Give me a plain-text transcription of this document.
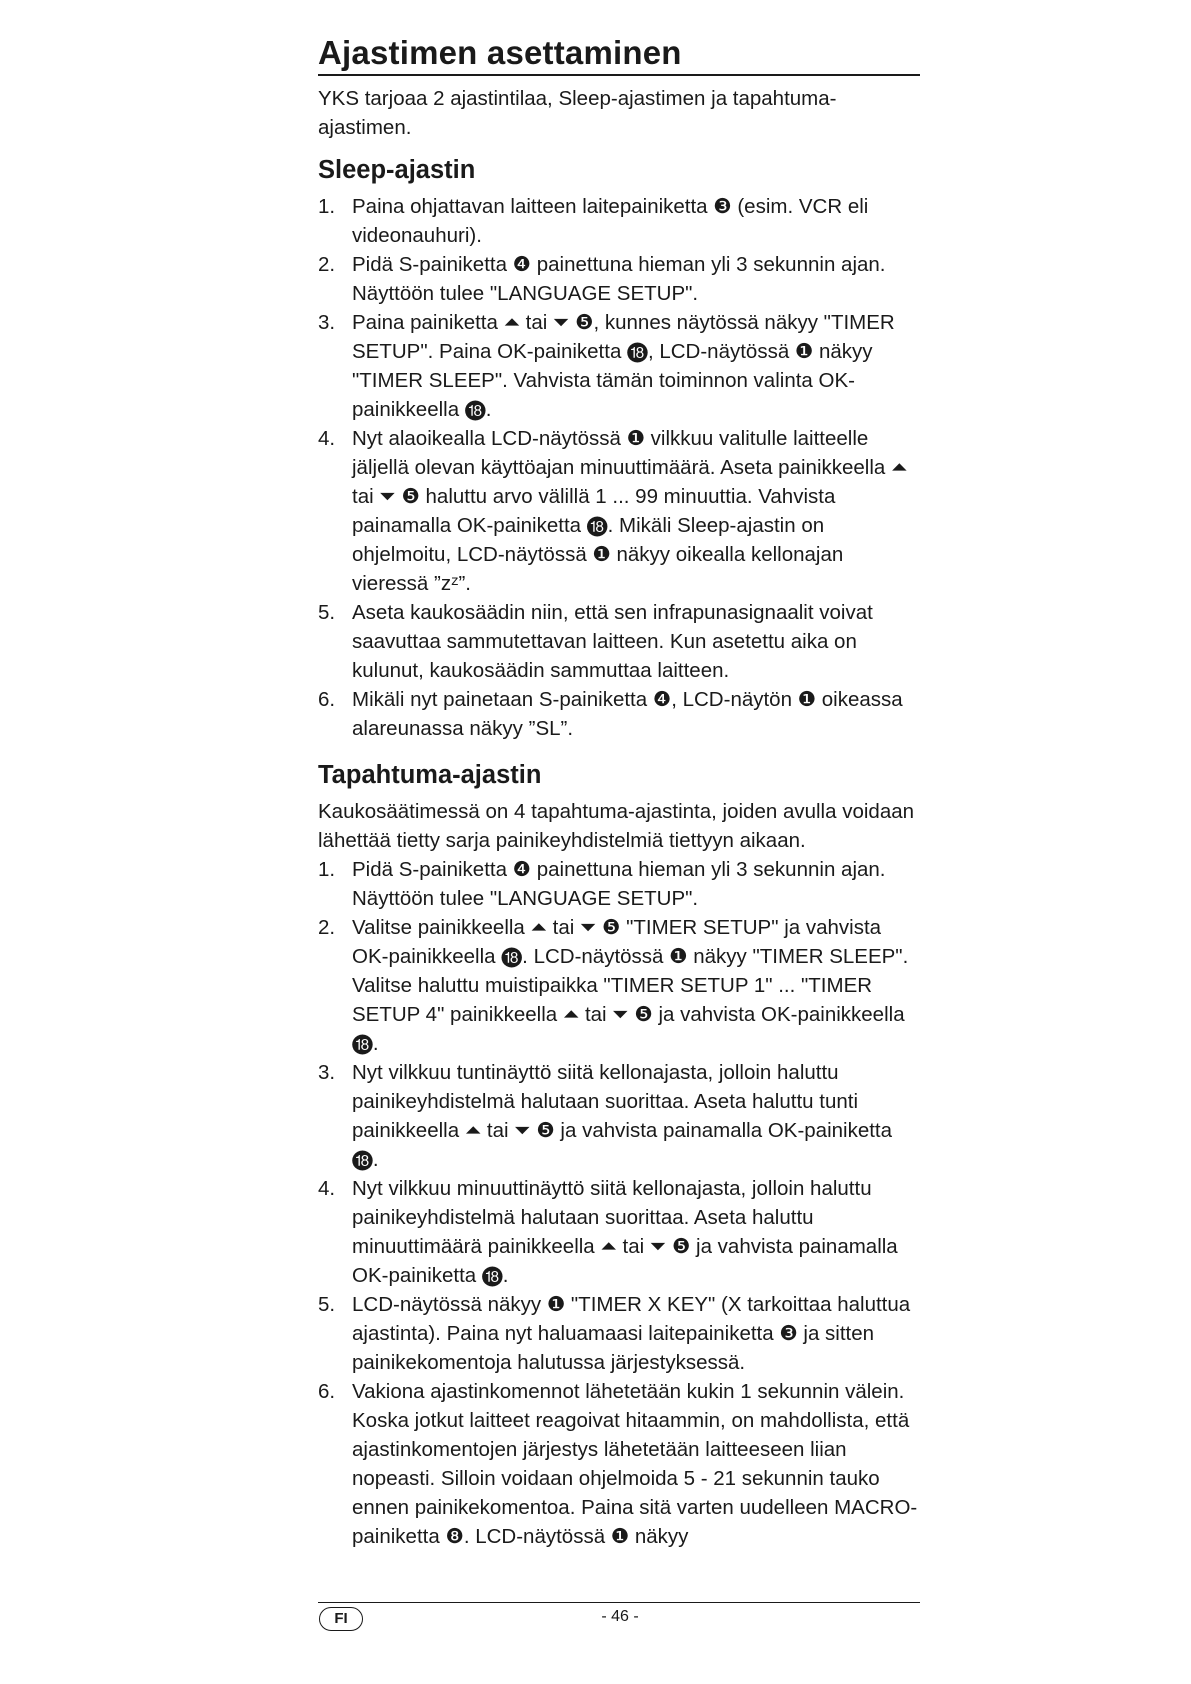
Ajastimen asettaminen

YKS tarjoaa 2 ajastintilaa, Sleep-ajastimen ja tapahtuma-ajastimen.

Sleep-ajastin
1. Paina ohjattavan laitteen laitepainiketta ❸ (esim. VCR eli videonauhuri).
2. Pidä S-painiketta ❹ painettuna hieman yli 3 sekunnin ajan. Näyttöön tulee "LANGUAGE SETUP".
3. Paina painiketta ⏶ tai ⏷ ❺, kunnes näytössä näkyy "TIMER SETUP". Paina OK-painiketta ⓲, LCD-näytössä ❶ näkyy "TIMER SLEEP". Vahvista tämän toiminnon valinta OK-painikkeella ⓲.
4. Nyt alaoikealla LCD-näytössä ❶ vilkkuu valitulle laitteelle jäljellä olevan käyttöajan minuuttimäärä. Aseta painikkeella ⏶ tai ⏷ ❺ haluttu arvo välillä 1 ... 99 minuuttia. Vahvista painamalla OK-painiketta ⓲. Mikäli Sleep-ajastin on ohjelmoitu, LCD-näytössä ❶ näkyy oikealla kellonajan vieressä ”zᶻ”.
5. Aseta kaukosäädin niin, että sen infrapunasignaalit voivat saavuttaa sammutettavan laitteen. Kun asetettu aika on kulunut, kaukosäädin sammuttaa laitteen.
6. Mikäli nyt painetaan S-painiketta ❹, LCD-näytön ❶ oikeassa alareunassa näkyy ”SL”.
Tapahtuma-ajastin

Kaukosäätimessä on 4 tapahtuma-ajastinta, joiden avulla voidaan lähettää tietty sarja painikeyhdistelmiä tiettyyn aikaan.

1. Pidä S-painiketta ❹ painettuna hieman yli 3 sekunnin ajan. Näyttöön tulee "LANGUAGE SETUP".
2. Valitse painikkeella ⏶ tai ⏷ ❺ "TIMER SETUP" ja vahvista OK-painikkeella ⓲. LCD-näytössä ❶ näkyy "TIMER SLEEP". Valitse haluttu muistipaikka "TIMER SETUP 1" ... "TIMER SETUP 4" painikkeella ⏶ tai ⏷ ❺ ja vahvista OK-painikkeella ⓲.
3. Nyt vilkkuu tuntinäyttö siitä kellonajasta, jolloin haluttu painikeyhdistelmä halutaan suorittaa. Aseta haluttu tunti painikkeella ⏶ tai ⏷ ❺ ja vahvista painamalla OK-painiketta ⓲.
4. Nyt vilkkuu minuuttinäyttö siitä kellonajasta, jolloin haluttu painikeyhdistelmä halutaan suorittaa. Aseta haluttu minuuttimäärä painikkeella ⏶ tai ⏷ ❺ ja vahvista painamalla OK-painiketta ⓲.
5. LCD-näytössä näkyy ❶ "TIMER X KEY" (X tarkoittaa haluttua ajastinta). Paina nyt haluamaasi laitepainiketta ❸ ja sitten painikekomentoja halutussa järjestyksessä.
6. Vakiona ajastinkomennot lähetetään kukin 1 sekunnin välein. Koska jotkut laitteet reagoivat hitaammin, on mahdollista, että ajastinkomentojen järjestys lähetetään laitteeseen liian nopeasti. Silloin voidaan ohjelmoida 5 - 21 sekunnin tauko ennen painikekomentoa. Paina sitä varten uudelleen MACRO-painiketta ❽. LCD-näytössä ❶ näkyy
FI	- 46 -
